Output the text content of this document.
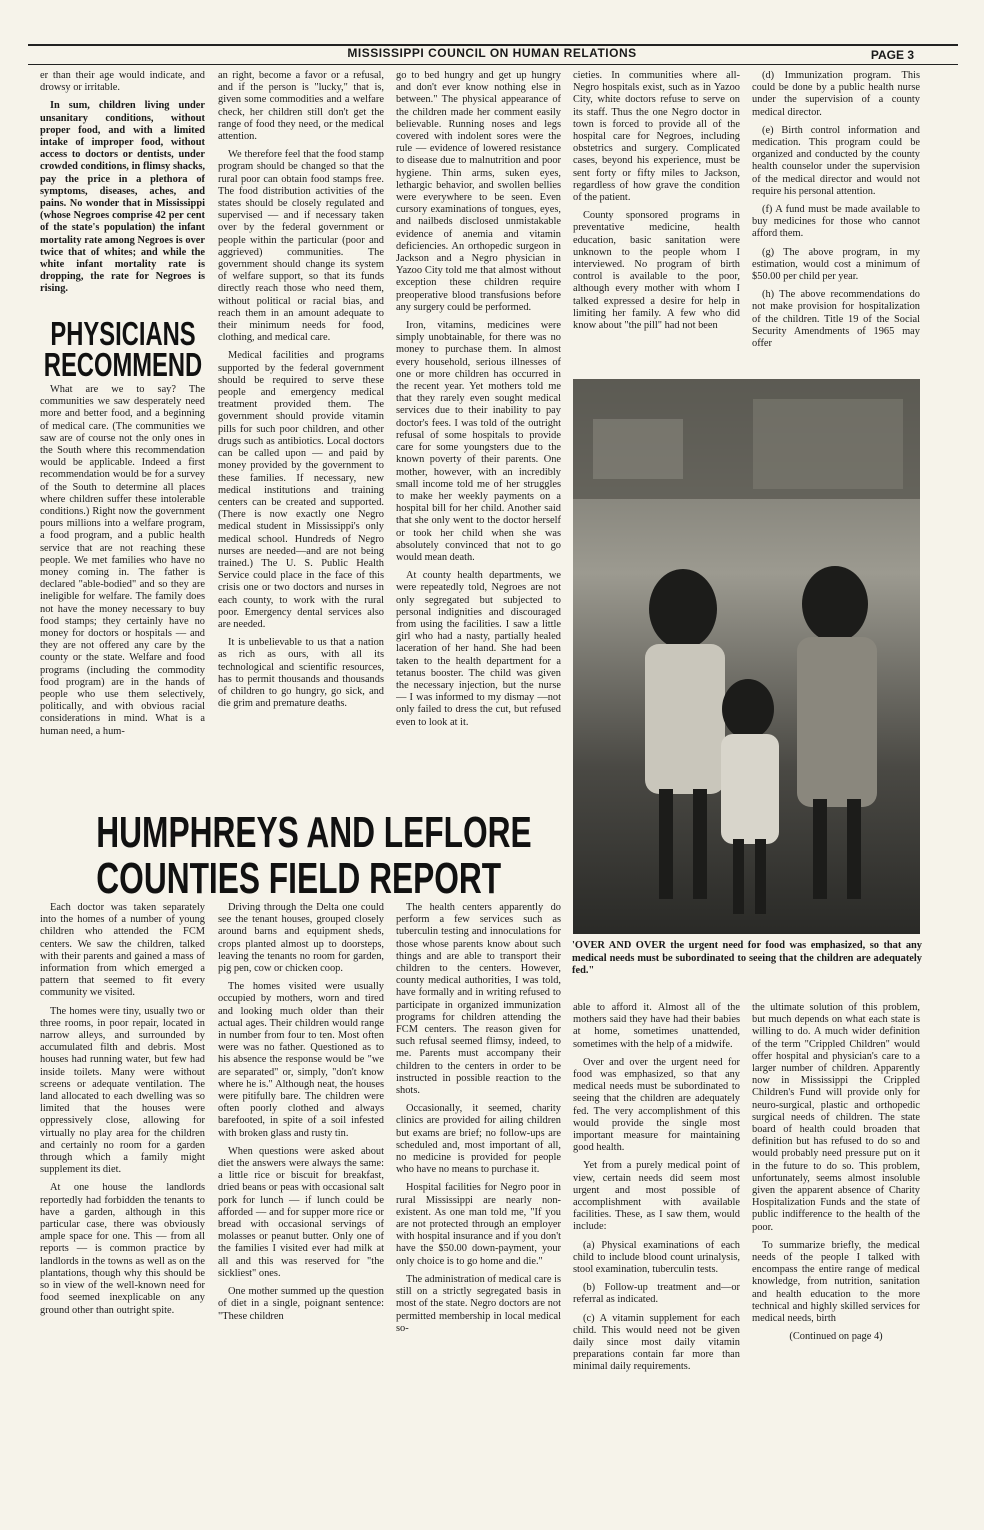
MISSISSIPPI COUNCIL ON HUMAN RELATIONS	PAGE 3

er than their age would indicate, and drowsy or irritable.

In sum, children living under unsanitary conditions, without proper food, and with a limited intake of improper food, without access to doctors or dentists, under crowded conditions, in flimsy shacks, pay the price in a plethora of symptoms, diseases, aches, and pains. No wonder that in Mississippi (whose Negroes comprise 42 per cent of the state's population) the infant mortality rate among Negroes is over twice that of whites; and while the white infant mortality rate is dropping, the rate for Negroes is rising.

PHYSICIANS
RECOMMEND

What are we to say? The communities we saw desperately need more and better food, and a beginning of medical care. (The communities we saw are of course not the only ones in the South where this recommendation would be applicable. Indeed a first recommendation would be for a survey of the South to determine all places where children suffer these intolerable conditions.) Right now the government pours millions into a welfare program, a food program, and a public health service that are not reaching these people. We met families who have no money coming in. The father is declared "able-bodied" and so they are ineligible for welfare. The family does not have the money necessary to buy food stamps; they certainly have no money for doctors or hospitals — and they are not offered any care by the county or the state. Welfare and food programs (including the commodity food program) are in the hands of people who use them selectively, politically, and with obvious racial considerations in mind. What is a human need, a hum-

an right, become a favor or a refusal, and if the person is "lucky," that is, given some commodities and a welfare check, her children still don't get the range of food they need, or the medical attention.

We therefore feel that the food stamp program should be changed so that the rural poor can obtain food stamps free. The food distribution activities of the states should be closely regulated and supervised — and if necessary taken over by the federal government or people within the particular (poor and aggrieved) communities. The government should change its system of welfare support, so that its funds directly reach those who need them, without political or racial bias, and reach them in an amount adequate to their minimum needs for food, clothing, and medical care.

Medical facilities and programs supported by the federal government should be required to serve these people and emergency medical treatment provided them. The government should provide vitamin pills for such poor children, and other drugs such as antibiotics. Local doctors can be called upon — and paid by money provided by the government to these families. If necessary, new medical institutions and training centers can be created and supported. (There is now exactly one Negro medical student in Mississippi's only medical school. Hundreds of Negro nurses are needed—and are not being trained.) The U. S. Public Health Service could place in the face of this crisis one or two doctors and nurses in each county, to work with the rural poor. Emergency dental services also are needed.

It is unbelievable to us that a nation as rich as ours, with all its technological and scientific resources, has to permit thousands and thousands of children to go hungry, go sick, and die grim and premature deaths.

go to bed hungry and get up hungry and don't ever know nothing else in between." The physical appearance of the children made her comment easily believable. Running noses and legs covered with indolent sores were the rule — evidence of lowered resistance to disease due to malnutrition and poor hygiene. Thin arms, suken eyes, lethargic behavior, and swollen bellies were everywhere to be seen. Even cursory examinations of tongues, eyes, and nailbeds disclosed unmistakable evidence of anemia and vitamin deficiencies. An orthopedic surgeon in Jackson and a Negro physician in Yazoo City told me that almost without exception these children require preoperative blood transfusions before any surgery could be performed.

Iron, vitamins, medicines were simply unobtainable, for there was no money to purchase them. In almost every household, serious illnesses of one or more children has occurred in the recent year. Yet mothers told me that they rarely even sought medical services due to their inability to pay doctor's fees. I was told of the outright refusal of some hospitals to provide care for some youngsters due to the known poverty of their parents. One mother, however, with an incredibly small income told me of her struggles to make her weekly payments on a hospital bill for her child. Another said that she only went to the doctor herself or took her child when she was absolutely convinced that not to go would mean death.

At county health departments, we were repeatedly told, Negroes are not only segregated but subjected to personal indignities and discouraged from using the facilities. I saw a little girl who had a nasty, partially healed laceration of her hand. She had been taken to the health department for a tetanus booster. The child was given the necessary injection, but the nurse — I was informed to my dismay —not only failed to dress the cut, but refused even to look at it.

cieties. In communities where all-Negro hospitals exist, such as in Yazoo City, white doctors refuse to serve on its staff. Thus the one Negro doctor in town is forced to provide all of the hospital care for Negroes, including obstetrics and surgery. Complicated cases, beyond his experience, must be sent forty or fifty miles to Jackson, regardless of how grave the condition of the patient.

County sponsored programs in preventative medicine, health education, basic sanitation were unknown to the people whom I interviewed. No program of birth control is available to the poor, although every mother with whom I talked expressed a desire for help in limiting her family. A few who did know about "the pill" had not been

(d) Immunization program. This could be done by a public health nurse under the supervision of a county medical director.

(e) Birth control information and medication. This program could be organized and conducted by the county health counselor under the supervision of the medical director and would not require his personal attention.

(f) A fund must be made available to buy medicines for those who cannot afford them.

(g) The above program, in my estimation, would cost a minimum of $50.00 per child per year.

(h) The above recommendations do not make provision for hospitalization of the children. Title 19 of the Social Security Amendments of 1965 may offer

'OVER AND OVER the urgent need for food was emphasized, so that any medical needs must be subordinated to seeing that the children are adequately fed."
HUMPHREYS AND LEFLORE
COUNTIES FIELD REPORT

Each doctor was taken separately into the homes of a number of young children who attended the FCM centers. We saw the children, talked with their parents and gained a mass of information from which emerged a pattern that seemed to fit every community we visited.

The homes were tiny, usually two or three rooms, in poor repair, located in narrow alleys, and surrounded by accumulated filth and debris. Most houses had running water, but few had inside toilets. Many were without screens or adequate ventilation. The land allocated to each dwelling was so limited that the houses were oppressively close, allowing for virtually no play area for the children and certainly no room for a garden through which a family might supplement its diet.

At one house the landlords reportedly had forbidden the tenants to have a garden, although in this particular case, there was obviously ample space for one. This — from all reports — is common practice by landlords in the towns as well as on the plantations, though why this should be so in view of the well-known need for food seemed inexplicable on any ground other than outright spite.

Driving through the Delta one could see the tenant houses, grouped closely around barns and equipment sheds, crops planted almost up to doorsteps, leaving the tenants no room for garden, pig pen, cow or chicken coop.

The homes visited were usually occupied by mothers, worn and tired and looking much older than their actual ages. Their children would range in number from four to ten. Most often were was no father. Questioned as to his absence the response would be "we are separated" or, simply, "don't know where he is." Although neat, the houses were pitifully bare. The children were often poorly clothed and always barefooted, in spite of a soil infested with broken glass and rusty tin.

When questions were asked about diet the answers were always the same: a little rice or biscuit for breakfast, dried beans or peas with occasional salt pork for lunch — if lunch could be afforded — and for supper more rice or bread with occasional servings of molasses or peanut butter. Only one of the families I visited ever had milk at all and this was reserved for "the sickliest" ones.

One mother summed up the question of diet in a single, poignant sentence: "These children

The health centers apparently do perform a few services such as tuberculin testing and innoculations for those whose parents know about such things and are able to transport their children to the centers. However, county medical authorities, I was told, have formally and in writing refused to participate in organized immunization programs for children attending the FCM centers. The reason given for such refusal seemed flimsy, indeed, to me. Parents must accompany their children to the centers in order to be instructed in possible reaction to the shots.

Occasionally, it seemed, charity clinics are provided for ailing children but exams are brief; no follow-ups are scheduled and, most important of all, no medicine is provided for people who have no means to purchase it.

Hospital facilities for Negro poor in rural Mississippi are nearly non-existent. As one man told me, "If you are not protected through an employer with hospital insurance and if you don't have the $50.00 down-payment, your only choice is to go home and die."

The administration of medical care is still on a strictly segregated basis in most of the state. Negro doctors are not permitted membership in local medical so-

able to afford it. Almost all of the mothers said they have had their babies at home, sometimes unattended, sometimes with the help of a midwife.

Over and over the urgent need for food was emphasized, so that any medical needs must be subordinated to seeing that the children are adequately fed. The very accomplishment of this would provide the single most important measure for maintaining good health.

Yet from a purely medical point of view, certain needs did seem most urgent and most possible of accomplishment with available facilities. These, as I saw them, would include:

(a) Physical examinations of each child to include blood count urinalysis, stool examination, tuberculin tests.

(b) Follow-up treatment and—or referral as indicated.

(c) A vitamin supplement for each child. This would need not be given daily since most daily vitamin preparations contain far more than minimal daily requirements.

the ultimate solution of this problem, but much depends on what each state is willing to do. A much wider definition of the term "Crippled Children" would offer hospital and physician's care to a larger number of children. Apparently now in Mississippi the Crippled Children's Fund will provide only for neuro-surgical, plastic and orthopedic surgical needs of children. The state board of health could broaden that definition but has refused to do so and would probably need pressure put on it in the future to do so. This problem, unfortunately, seems almost insoluble given the apparent absence of Charity Hospitalization Funds and the state of public indifference to the health of the poor.

To summarize briefly, the medical needs of the people I talked with encompass the entire range of medical knowledge, from nutrition, sanitation and health education to the more technical and highly skilled services for medical needs, birth

(Continued on page 4)
